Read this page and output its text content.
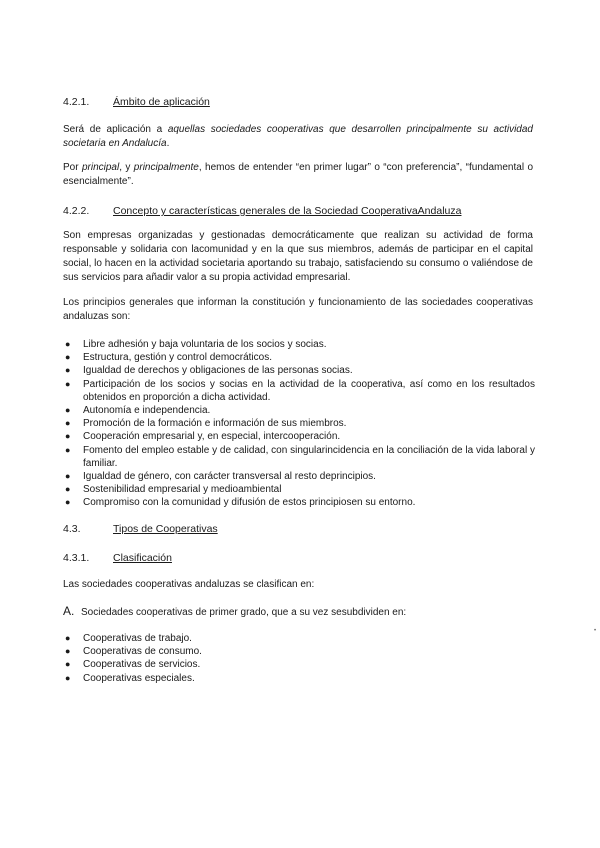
4.2.1. Ámbito de aplicación

Será de aplicación a aquellas sociedades cooperativas que desarrollen principalmente su actividad societaria en Andalucía.

Por principal, y principalmente, hemos de entender “en primer lugar” o “con preferencia”, “fundamental o esencialmente”.

4.2.2. Concepto y características generales de la Sociedad CooperativaAndaluza

Son empresas organizadas y gestionadas democráticamente que realizan su actividad de forma responsable y solidaria con lacomunidad y en la que sus miembros, además de participar en el capital social, lo hacen en la actividad societaria aportando su trabajo, satisfaciendo su consumo o valiéndose de sus servicios para añadir valor a su propia actividad empresarial.

Los principios generales que informan la constitución y funcionamiento de las sociedades cooperativas andaluzas son:

● Libre adhesión y baja voluntaria de los socios y socias.
● Estructura, gestión y control democráticos.
● Igualdad de derechos y obligaciones de las personas socias.
● Participación de los socios y socias en la actividad de la cooperativa, así como en los resultados obtenidos en proporción a dicha actividad.
● Autonomía e independencia.
● Promoción de la formación e información de sus miembros.
● Cooperación empresarial y, en especial, intercooperación.
● Fomento del empleo estable y de calidad, con singularincidencia en la conciliación de la vida laboral y familiar.
● Igualdad de género, con carácter transversal al resto deprincipios.
● Sostenibilidad empresarial y medioambiental
● Compromiso con la comunidad y difusión de estos principiosen su entorno.
4.3.	Tipos de Cooperativas
4.3.1. Clasificación

Las sociedades cooperativas andaluzas se clasifican en:

A. Sociedades cooperativas de primer grado, que a su vez sesubdividen en:
● Cooperativas de trabajo.
● Cooperativas de consumo.
● Cooperativas de servicios.
● Cooperativas especiales.
•
